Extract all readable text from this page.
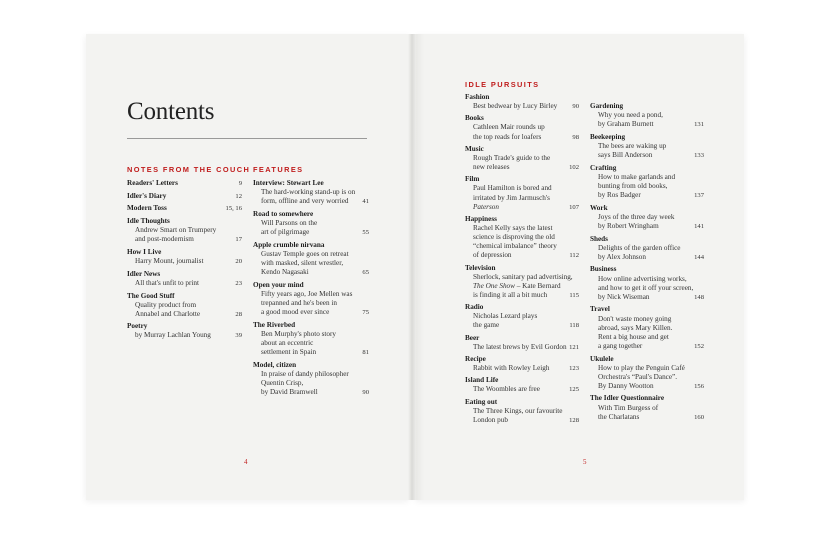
Contents
NOTES FROM THE COUCH FEATURES
IDLE PURSUITS
Readers' Letters	9
Idler's Diary	12
Modern Toss	15, 16
Idle Thoughts
Andrew Smart on Trumpery
and post-modernism	17
How I Live
Harry Mount, journalist	20
Idler News
All that's unfit to print	23
The Good Stuff
Quality product from
Annabel and Charlotte	28
Poetry
by Murray Lachlan Young	39
Interview: Stewart Lee
The hard-working stand-up is on
form, offline and very worried	41
Road to somewhere
Will Parsons on the
art of pilgrimage	55
Apple crumble nirvana
Gustav Temple goes on retreat
with masked, silent wrestler,
Kendo Nagasaki	65
Open your mind
Fifty years ago, Joe Mellen was
trepanned and he's been in
a good mood ever since	75
The Riverbed
Ben Murphy's photo story
about an eccentric
settlement in Spain	81
Model, citizen
In praise of dandy philosopher
Quentin Crisp,
by David Bramwell	90
Fashion
Best bedwear by Lucy Birley	90
Books
Cathleen Mair rounds up
the top reads for loafers	98
Music
Rough Trade's guide to the
new releases	102
Film
Paul Hamilton is bored and
irritated by Jim Jarmusch's
Paterson	107
Happiness
Rachel Kelly says the latest
science is disproving the old
“chemical imbalance” theory
of depression	112
Television
Sherlock, sanitary pad advertising,
The One Show – Kate Bernard
is finding it all a bit much	115
Radio
Nicholas Lezard plays
the game	118
Beer
The latest brews by Evil Gordon 121
Recipe
Rabbit with Rowley Leigh	123
Island Life
The Woombles are free	125
Eating out
The Three Kings, our favourite
London pub	128
Gardening
Why you need a pond,
by Graham Burnett	131
Beekeeping
The bees are waking up
says Bill Anderson	133
Crafting
How to make garlands and
bunting from old books,
by Ros Badger	137
Work
Joys of the three day week
by Robert Wringham	141
Sheds
Delights of the garden office
by Alex Johnson	144
Business
How online advertising works,
and how to get it off your screen,
by Nick Wiseman	148
Travel
Don't waste money going
abroad, says Mary Killen.
Rent a big house and get
a gang together	152
Ukulele
How to play the Penguin Café
Orchestra's “Paul's Dance”.
By Danny Wootton	156
The Idler Questionnaire
With Tim Burgess of
the Charlatans	160
4	5
